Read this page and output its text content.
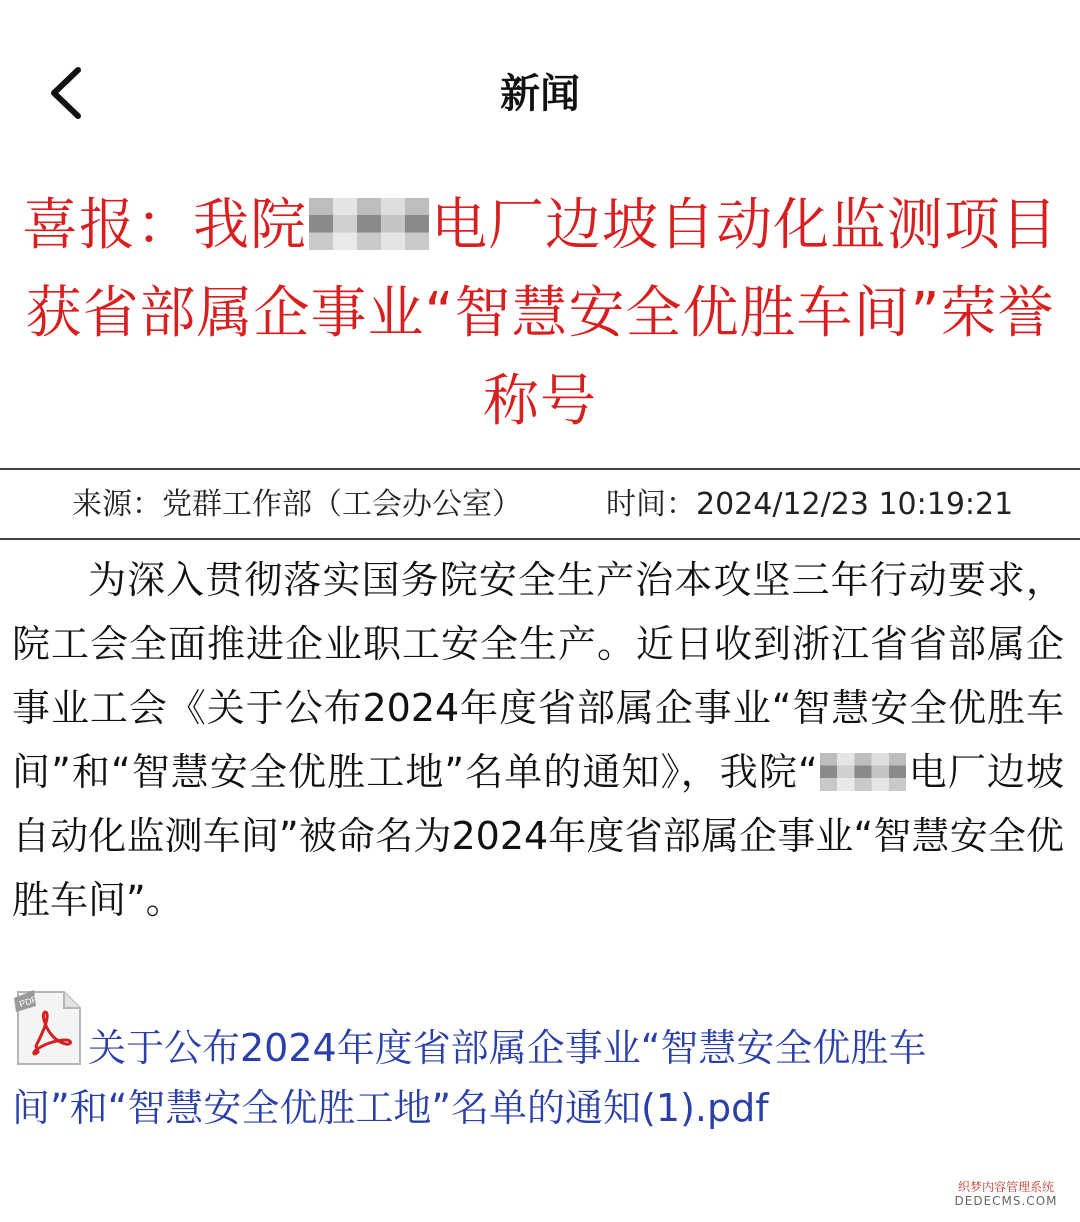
新闻
喜报：我院 电厂边坡自动化监测项目获省部属企事业“智慧安全优胜车间”荣誉称号
来源：党群工作部（工会办公室）	时间：2024/12/23 10:19:21

为深入贯彻落实国务院安全生产治本攻坚三年行动要求，院工会全面推进企业职工安全生产。近日收到浙江省省部属企事业工会《关于公布2024年度省部属企事业“智慧安全优胜车间”和“智慧安全优胜工地”名单的通知》，我院“ 电厂边坡自动化监测车间”被命名为2024年度省部属企事业“智慧安全优胜车间”。

PDF
关于公布2024年度省部属企事业“智慧安全优胜车间”和“智慧安全优胜工地”名单的通知(1).pdf
织梦内容管理系统
DEDECMS.COM
